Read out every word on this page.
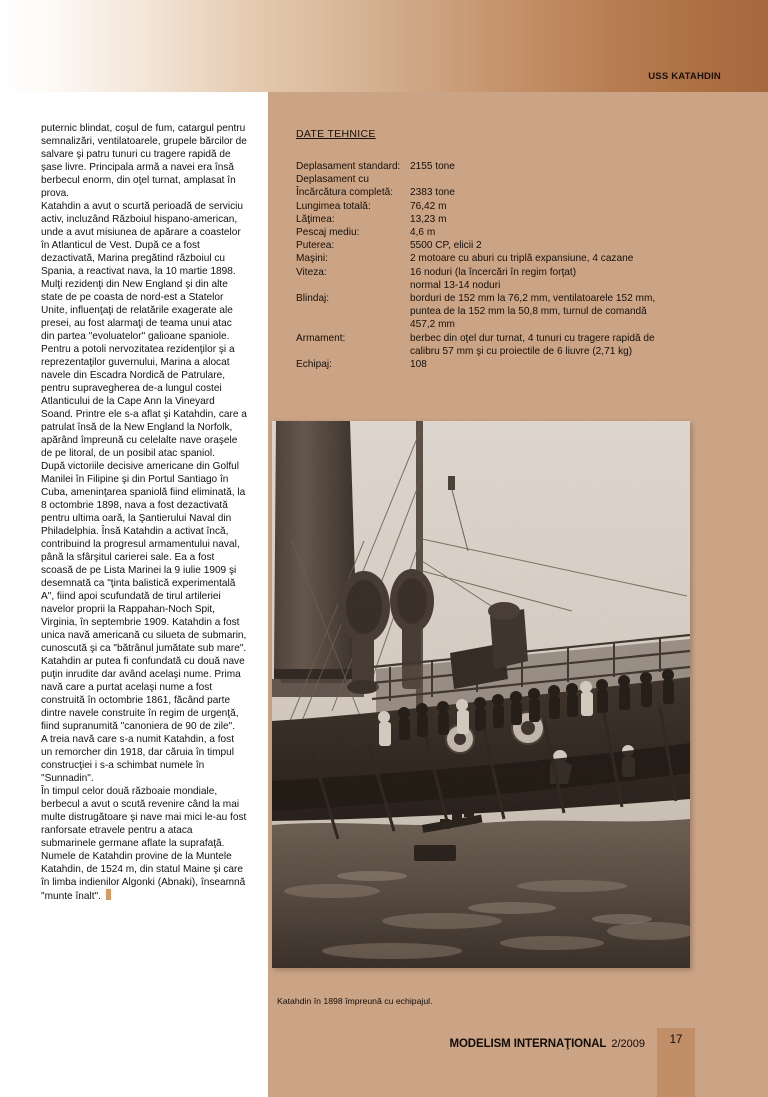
USS KATAHDIN

puternic blindat, coşul de fum, catargul pentru semnalizări, ventilatoarele, grupele bărcilor de salvare şi patru tunuri cu tragere rapidă de şase livre. Principala armă a navei era însă berbecul enorm, din oţel turnat, amplasat în prova.

Katahdin a avut o scurtă perioadă de serviciu activ, incluzând Războiul hispano-american, unde a avut misiunea de apărare a coastelor în Atlanticul de Vest. După ce a fost dezactivată, Marina pregătind războiul cu Spania, a reactivat nava, la 10 martie 1898.

Mulţi rezidenţi din New England şi din alte state de pe coasta de nord-est a Statelor Unite, influenţaţi de relatările exagerate ale presei, au fost alarmaţi de teama unui atac din partea "evoluatelor" galioane spaniole.

Pentru a potoli nervozitatea rezidenţilor şi a reprezentaţilor guvernului, Marina a alocat navele din Escadra Nordică de Patrulare, pentru supravegherea de-a lungul costei Atlanticului de la Cape Ann la Vineyard Soand. Printre ele s-a aflat şi Katahdin, care a patrulat însă de la New England la Norfolk, apărând împreună cu celelalte nave oraşele de pe litoral, de un posibil atac spaniol.

După victoriile decisive americane din Golful Manilei în Filipine şi din Portul Santiago în Cuba, ameninţarea spaniolă fiind eliminată, la 8 octombrie 1898, nava a fost dezactivată pentru ultima oară, la Şantierului Naval din Philadelphia. Însă Katahdin a activat încă, contribuind la progresul armamentului naval, până la sfârşitul carierei sale. Ea a fost scoasă de pe Lista Marinei la 9 iulie 1909 şi desemnată ca "ţinta balistică experimentală A", fiind apoi scufundată de tirul artileriei navelor proprii la Rappahan-Noch Spit, Virginia, în septembrie 1909. Katahdin a fost unica navă americană cu silueta de submarin, cunoscută şi ca "bătrânul jumătate sub mare".

Katahdin ar putea fi confundată cu două nave puţin inrudite dar având acelaşi nume. Prima navă care a purtat acelaşi nume a fost construită în octombrie 1861, făcând parte dintre navele construite în regim de urgenţă, fiind supranumită "canoniera de 90 de zile".

A treia navă care s-a numit Katahdin, a fost un remorcher din 1918, dar căruia în timpul construcţiei i s-a schimbat numele în "Sunnadin".

În timpul celor două războaie mondiale, berbecul a avut o scută revenire când la mai multe distrugătoare şi nave mai mici le-au fost ranforsate etravele pentru a ataca submarinele germane aflate la suprafaţă.

Numele de Katahdin provine de la Muntele Katahdin, de 1524 m, din statul Maine şi care în limba indienilor Algonki (Abnaki), înseamnă "munte înalt".

DATE TEHNICE
Deplasament standard:	2155 tone
Deplasament cu	
Încărcătura completă:	2383 tone
Lungimea totală:	76,42 m
Lăţimea:	13,23 m
Pescaj mediu:	4,6 m
Puterea:	5500 CP, elicii 2
Maşini:	2 motoare cu aburi cu triplă expansiune, 4 cazane
Viteza:	16 noduri (la încercări în regim forţat)
normal 13-14 noduri

Blindaj:	borduri de 152 mm la 76,2 mm, ventilatoarele 152 mm,
puntea de la 152 mm la 50,8 mm, turnul de comandă
457,2 mm

Armament:	berbec din oţel dur turnat, 4 tunuri cu tragere rapidă de
calibru 57 mm şi cu proiectile de 6 liuvre (2,71 kg)

Echipaj:	108
Katahdin în 1898 împreună cu echipajul.
MODELISM INTERNAŢIONAL 2/2009	17
